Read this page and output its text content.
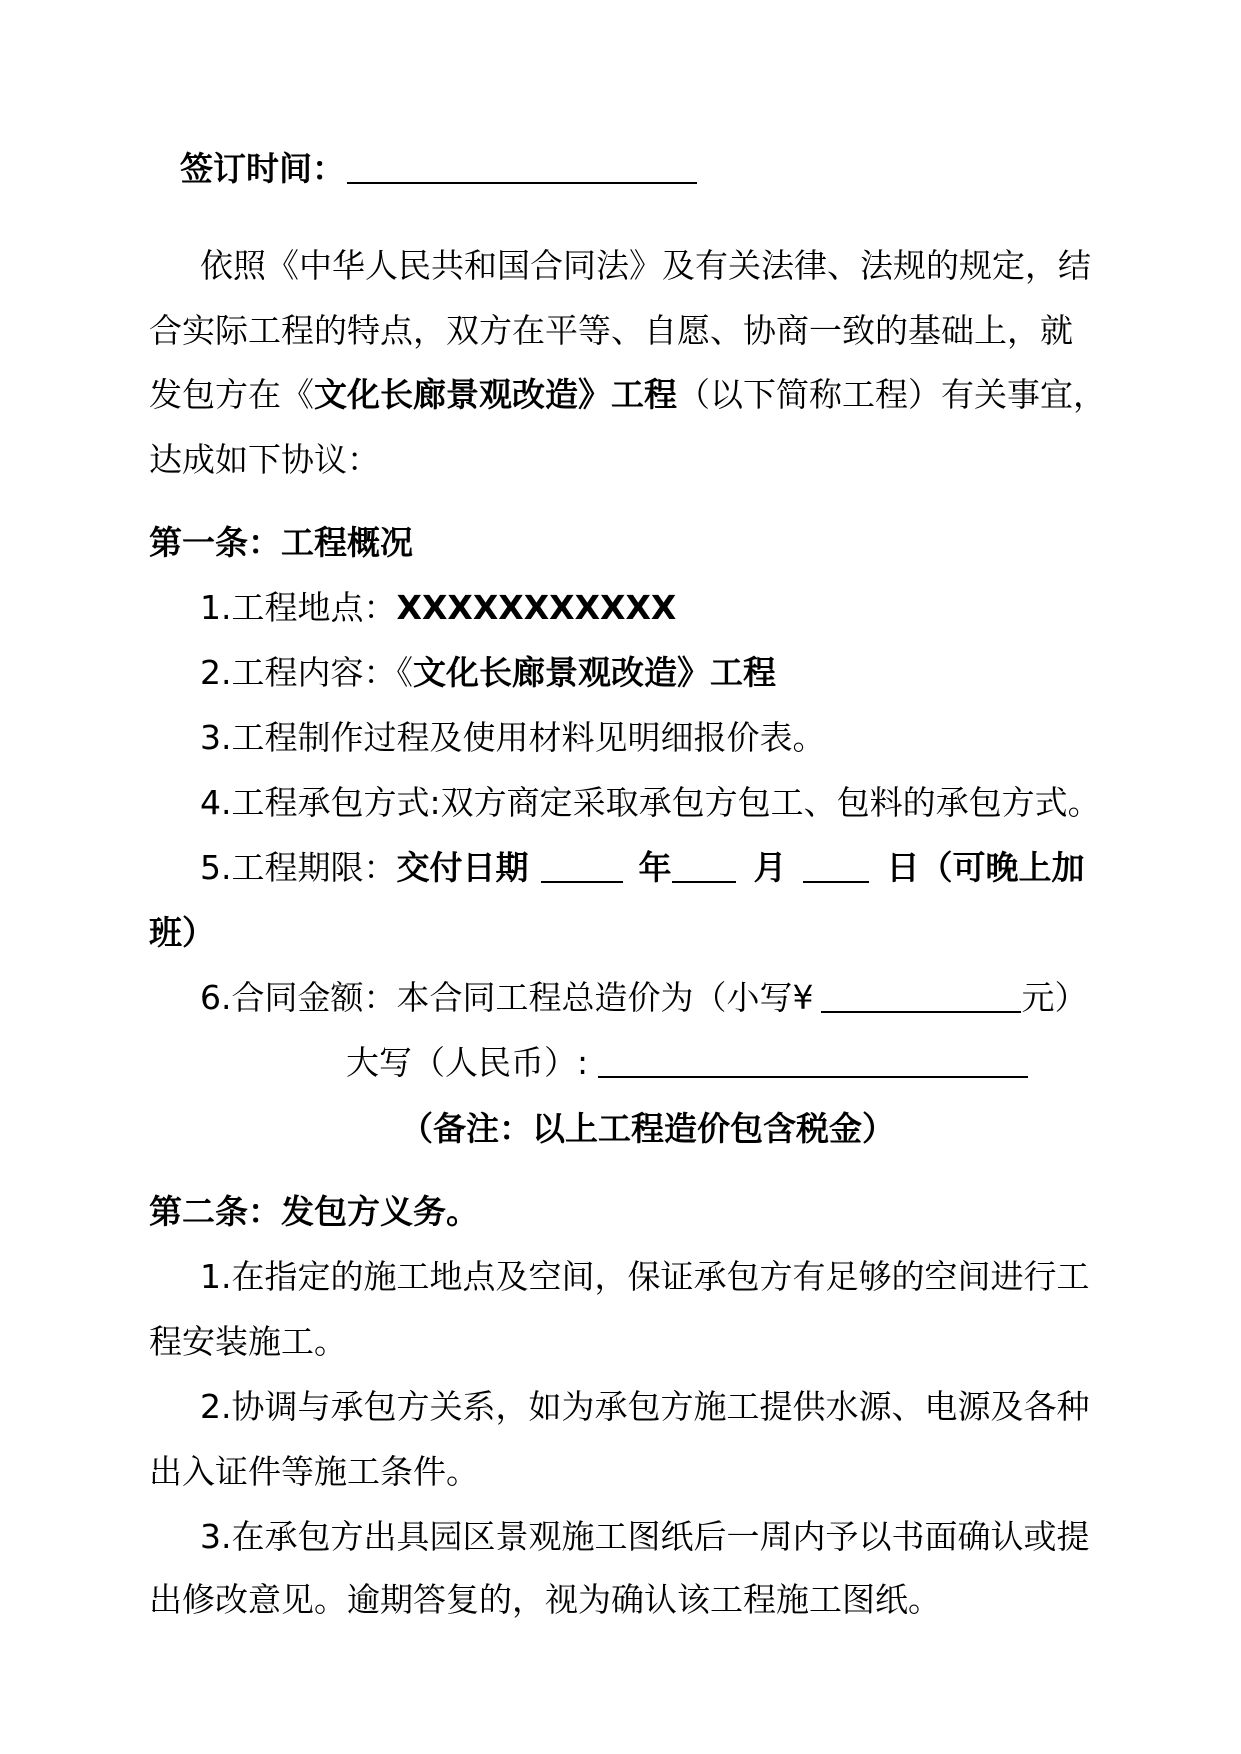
签订时间：
依照《中华人民共和国合同法》及有关法律、法规的规定，结
合实际工程的特点，双方在平等、自愿、协商一致的基础上，就
发包方在《文化长廊景观改造》工程（以下简称工程）有关事宜，
达成如下协议：
第一条：工程概况
1.工程地点：XXXXXXXXXXX
2.工程内容：《文化长廊景观改造》工程
3.工程制作过程及使用材料见明细报价表。
4.工程承包方式:双方商定采取承包方包工、包料的承包方式。
5.工程期限：交付日期	年 月	日（可晚上加
班）
6.合同金额：本合同工程总造价为（小写¥	元）
大写（人民币）:
（备注：以上工程造价包含税金）
第二条：发包方义务。
1.在指定的施工地点及空间，保证承包方有足够的空间进行工
程安装施工。
2.协调与承包方关系，如为承包方施工提供水源、电源及各种
出入证件等施工条件。
3.在承包方出具园区景观施工图纸后一周内予以书面确认或提
出修改意见。逾期答复的，视为确认该工程施工图纸。
